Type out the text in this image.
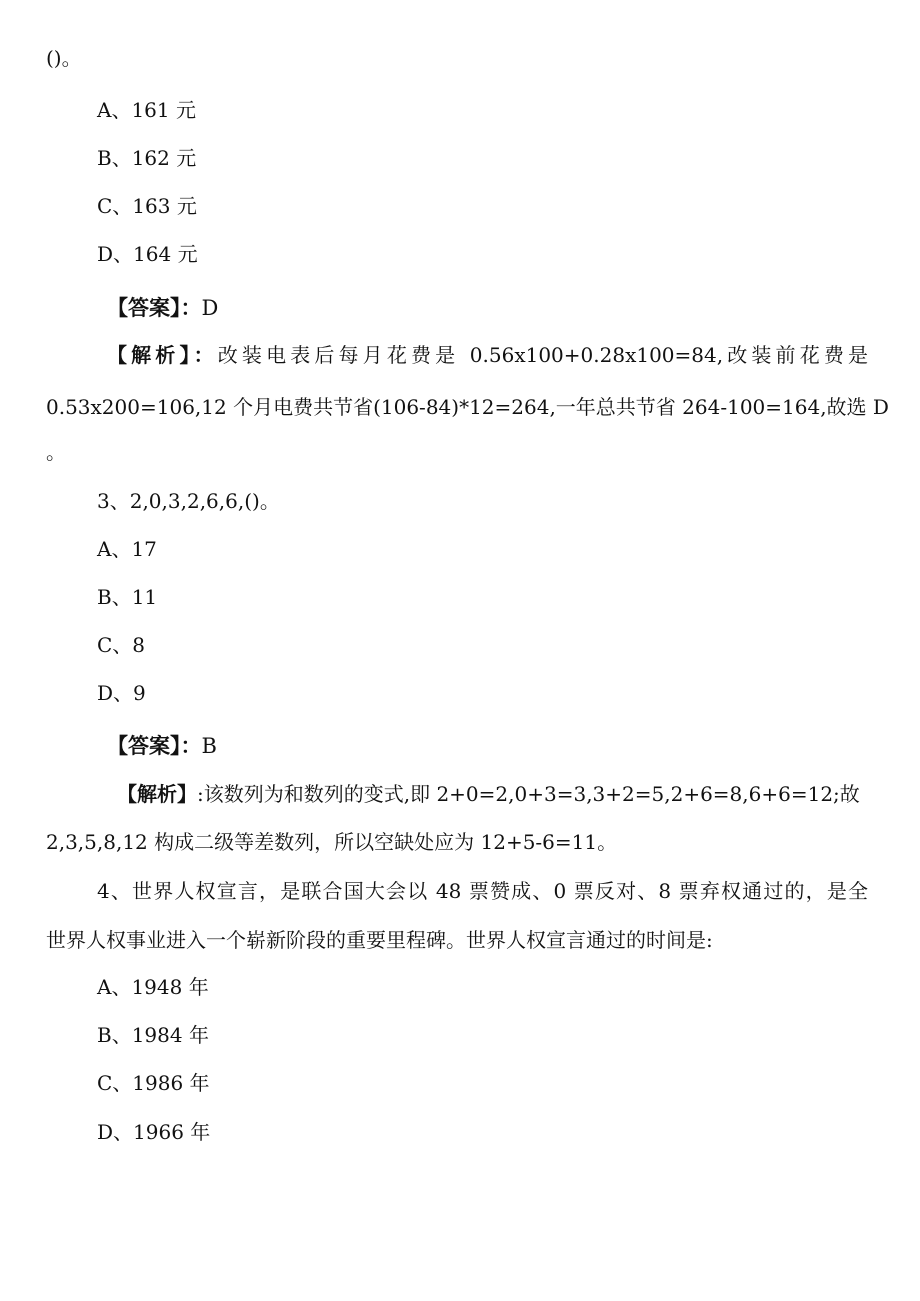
()。
A、161 元
B、162 元
C、163 元
D、164 元
【答案】：D
【解析】：改装电表后每月花费是 0.56x100+0.28x100=84,改装前花费是
0.53x200=106,12 个月电费共节省(106-84)*12=264,一年总共节省 264-100=164,故选 D
。
3、2,0,3,2,6,6,()。
A、17
B、11
C、8
D、9
【答案】：B
【解析】:该数列为和数列的变式,即 2+0=2,0+3=3,3+2=5,2+6=8,6+6=12;故
2,3,5,8,12 构成二级等差数列，所以空缺处应为 12+5-6=11。
4、世界人权宣言，是联合国大会以 48 票赞成、0 票反对、8 票弃权通过的，是全
世界人权事业进入一个崭新阶段的重要里程碑。世界人权宣言通过的时间是:
A、1948 年
B、1984 年
C、1986 年
D、1966 年
